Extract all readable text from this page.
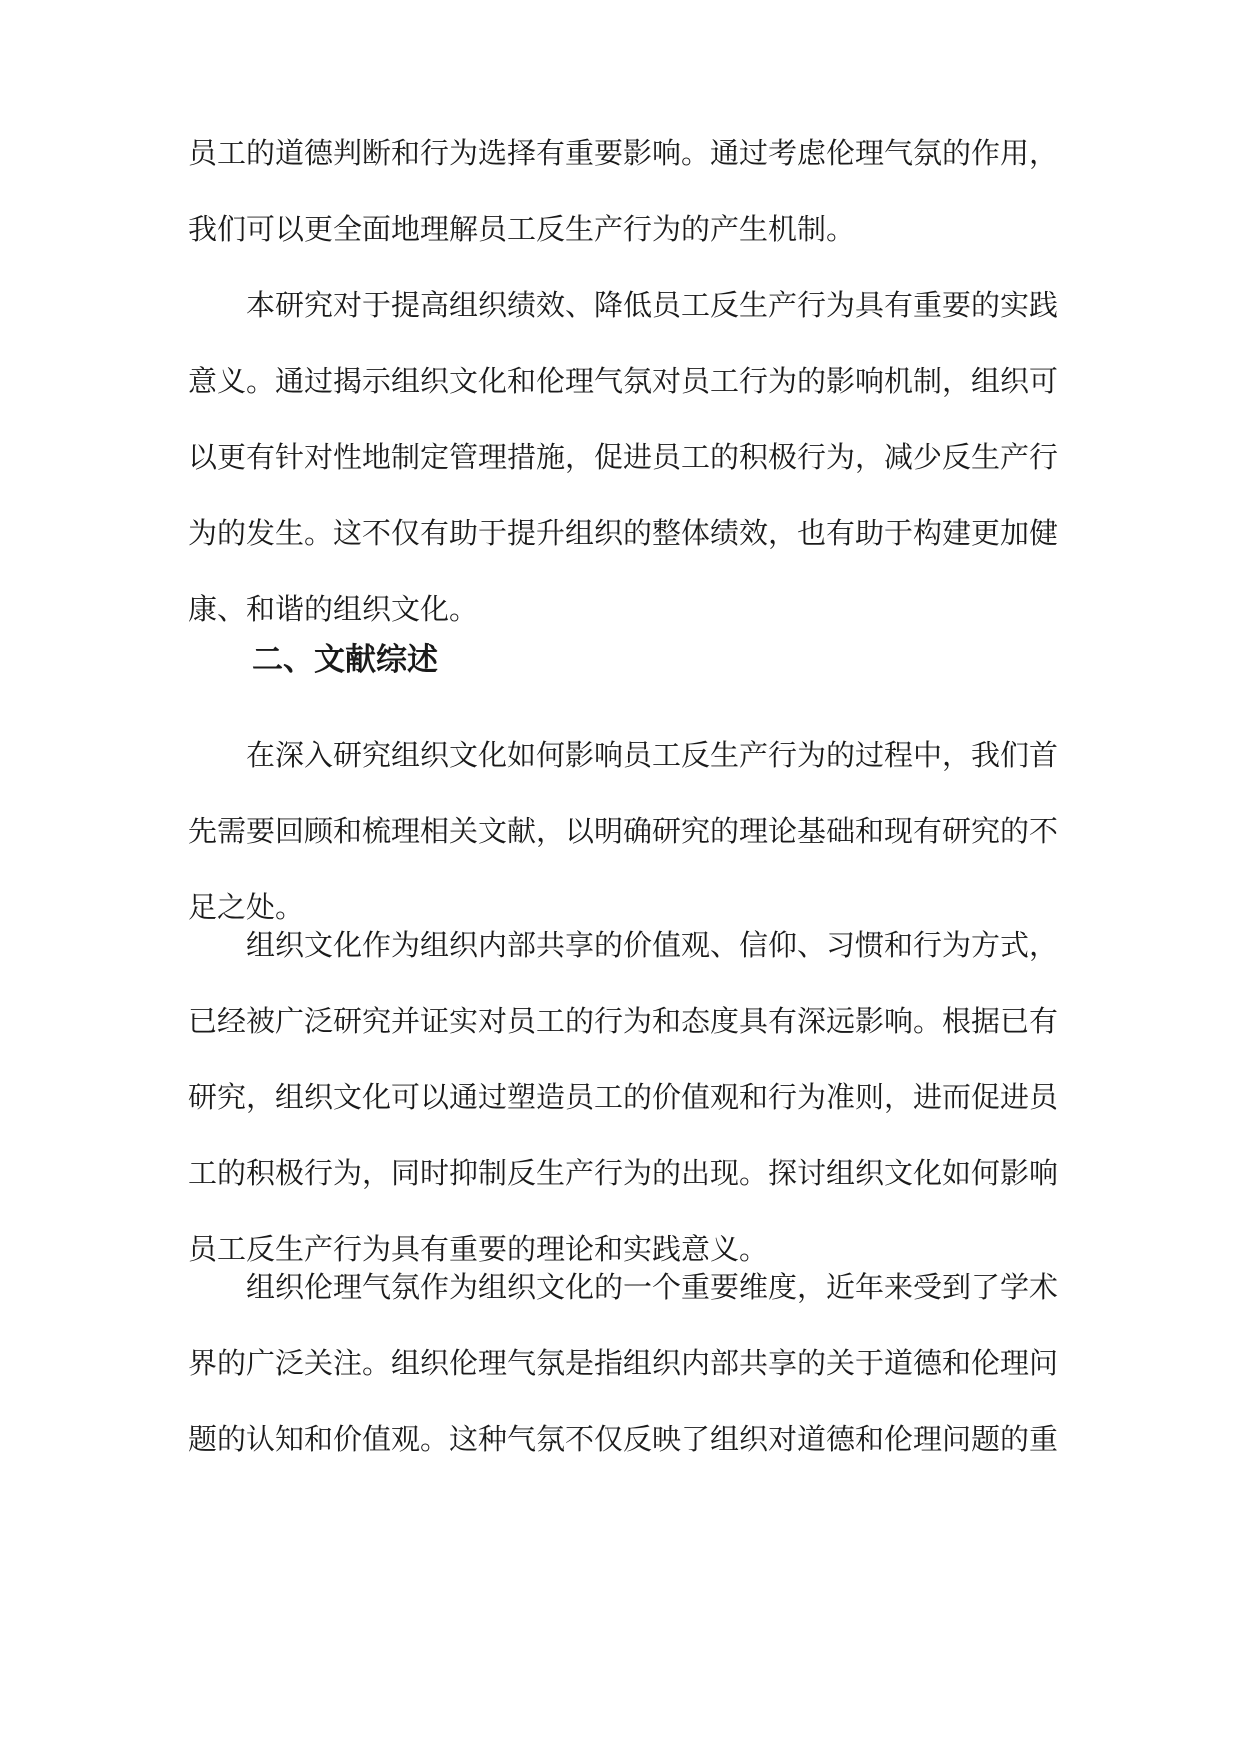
员工的道德判断和行为选择有重要影响。通过考虑伦理气氛的作用，我们可以更全面地理解员工反生产行为的产生机制。

本研究对于提高组织绩效、降低员工反生产行为具有重要的实践意义。通过揭示组织文化和伦理气氛对员工行为的影响机制，组织可以更有针对性地制定管理措施，促进员工的积极行为，减少反生产行为的发生。这不仅有助于提升组织的整体绩效，也有助于构建更加健康、和谐的组织文化。

二、文献综述

在深入研究组织文化如何影响员工反生产行为的过程中，我们首先需要回顾和梳理相关文献，以明确研究的理论基础和现有研究的不足之处。

组织文化作为组织内部共享的价值观、信仰、习惯和行为方式，已经被广泛研究并证实对员工的行为和态度具有深远影响。根据已有研究，组织文化可以通过塑造员工的价值观和行为准则，进而促进员工的积极行为，同时抑制反生产行为的出现。探讨组织文化如何影响员工反生产行为具有重要的理论和实践意义。

组织伦理气氛作为组织文化的一个重要维度，近年来受到了学术界的广泛关注。组织伦理气氛是指组织内部共享的关于道德和伦理问题的认知和价值观。这种气氛不仅反映了组织对道德和伦理问题的重
